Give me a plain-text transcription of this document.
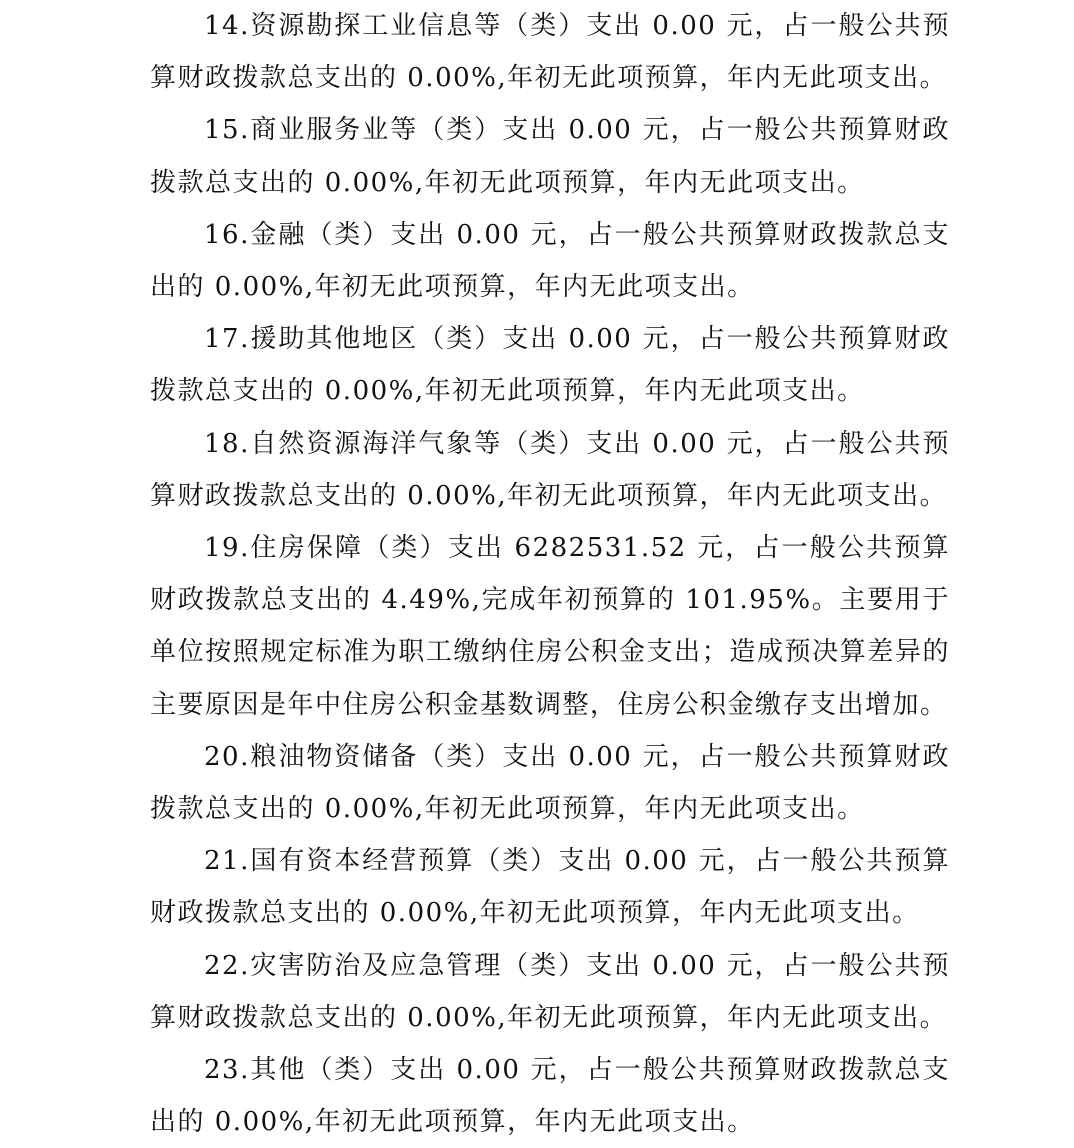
14.资源勘探工业信息等（类）支出 0.00 元，占一般公共预算财政拨款总支出的 0.00%,年初无此项预算，年内无此项支出。

15.商业服务业等（类）支出 0.00 元，占一般公共预算财政拨款总支出的 0.00%,年初无此项预算，年内无此项支出。

16.金融（类）支出 0.00 元，占一般公共预算财政拨款总支出的 0.00%,年初无此项预算，年内无此项支出。

17.援助其他地区（类）支出 0.00 元，占一般公共预算财政拨款总支出的 0.00%,年初无此项预算，年内无此项支出。

18.自然资源海洋气象等（类）支出 0.00 元，占一般公共预算财政拨款总支出的 0.00%,年初无此项预算，年内无此项支出。

19.住房保障（类）支出 6282531.52 元，占一般公共预算财政拨款总支出的 4.49%,完成年初预算的 101.95%。主要用于单位按照规定标准为职工缴纳住房公积金支出；造成预决算差异的主要原因是年中住房公积金基数调整，住房公积金缴存支出增加。

20.粮油物资储备（类）支出 0.00 元，占一般公共预算财政拨款总支出的 0.00%,年初无此项预算，年内无此项支出。

21.国有资本经营预算（类）支出 0.00 元，占一般公共预算财政拨款总支出的 0.00%,年初无此项预算，年内无此项支出。

22.灾害防治及应急管理（类）支出 0.00 元，占一般公共预算财政拨款总支出的 0.00%,年初无此项预算，年内无此项支出。

23.其他（类）支出 0.00 元，占一般公共预算财政拨款总支出的 0.00%,年初无此项预算，年内无此项支出。
